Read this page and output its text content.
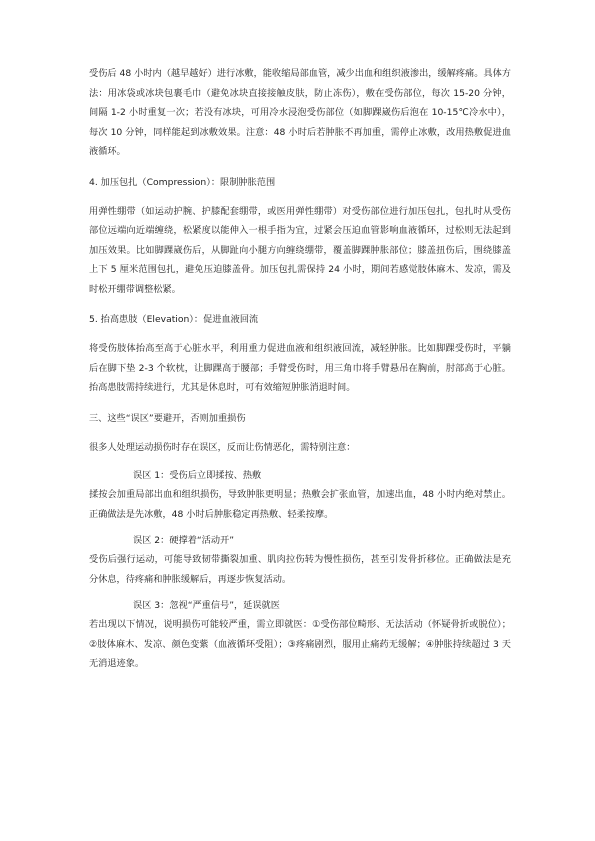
受伤后 48 小时内（越早越好）进行冰敷，能收缩局部血管，减少出血和组织液渗出，缓解疼痛。具体方法：用冰袋或冰块包裹毛巾（避免冰块直接接触皮肤，防止冻伤），敷在受伤部位，每次 15-20 分钟，间隔 1-2 小时重复一次；若没有冰块，可用冷水浸泡受伤部位（如脚踝崴伤后泡在 10-15℃冷水中），每次 10 分钟，同样能起到冰敷效果。注意：48 小时后若肿胀不再加重，需停止冰敷，改用热敷促进血液循环。

4. 加压包扎（Compression）：限制肿胀范围

用弹性绷带（如运动护腕、护膝配套绷带，或医用弹性绷带）对受伤部位进行加压包扎，包扎时从受伤部位远端向近端缠绕，松紧度以能伸入一根手指为宜，过紧会压迫血管影响血液循环，过松则无法起到加压效果。比如脚踝崴伤后，从脚趾向小腿方向缠绕绷带，覆盖脚踝肿胀部位；膝盖扭伤后，围绕膝盖上下 5 厘米范围包扎，避免压迫膝盖骨。加压包扎需保持 24 小时，期间若感觉肢体麻木、发凉，需及时松开绷带调整松紧。

5. 抬高患肢（Elevation）：促进血液回流

将受伤肢体抬高至高于心脏水平，利用重力促进血液和组织液回流，减轻肿胀。比如脚踝受伤时，平躺后在脚下垫 2-3 个软枕，让脚踝高于腰部；手臂受伤时，用三角巾将手臂悬吊在胸前，肘部高于心脏。抬高患肢需持续进行，尤其是休息时，可有效缩短肿胀消退时间。

三、这些“误区”要避开，否则加重损伤

很多人处理运动损伤时存在误区，反而让伤情恶化，需特别注意：

误区 1：受伤后立即揉按、热敷

揉按会加重局部出血和组织损伤，导致肿胀更明显；热敷会扩张血管，加速出血，48 小时内绝对禁止。正确做法是先冰敷，48 小时后肿胀稳定再热敷、轻柔按摩。

误区 2：硬撑着“活动开”

受伤后强行运动，可能导致韧带撕裂加重、肌肉拉伤转为慢性损伤，甚至引发骨折移位。正确做法是充分休息，待疼痛和肿胀缓解后，再逐步恢复活动。

误区 3：忽视“严重信号”，延误就医

若出现以下情况，说明损伤可能较严重，需立即就医：①受伤部位畸形、无法活动（怀疑骨折或脱位）；②肢体麻木、发凉、颜色变紫（血液循环受阻）；③疼痛剧烈，服用止痛药无缓解；④肿胀持续超过 3 天无消退迹象。
